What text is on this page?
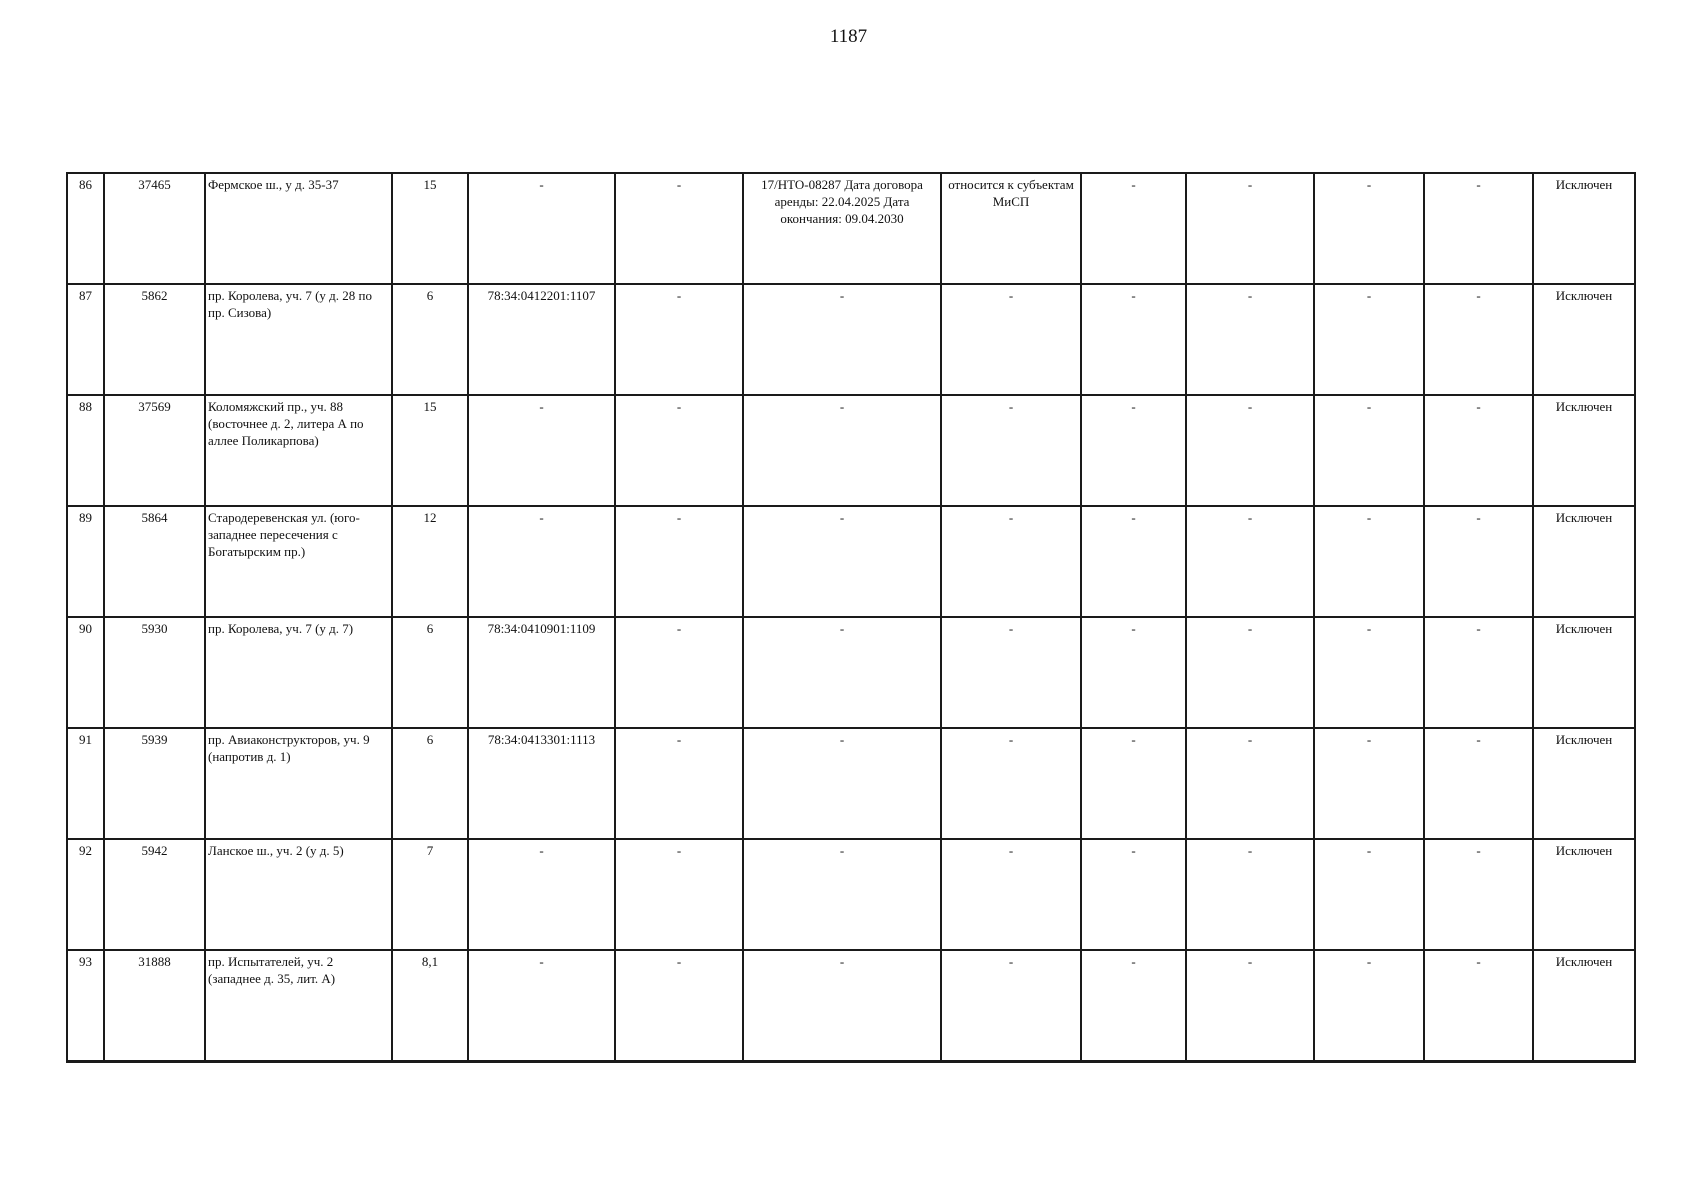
1187
86	37465	Фермское ш., у д. 35-37	15	-	-	17/НТО-08287 Дата договора аренды: 22.04.2025 Дата окончания: 09.04.2030	относится к субъектам МиСП	-	-	-	-	Исключен
87	5862	пр. Королева, уч. 7 (у д. 28 по пр. Сизова)	6	78:34:0412201:1107	-	-	-	-	-	-	-	Исключен
88	37569	Коломяжский пр., уч. 88 (восточнее д. 2, литера А по аллее Поликарпова)	15	-	-	-	-	-	-	-	-	Исключен
89	5864	Стародеревенская ул. (юго-западнее пересечения с Богатырским пр.)	12	-	-	-	-	-	-	-	-	Исключен
90	5930	пр. Королева, уч. 7 (у д. 7)	6	78:34:0410901:1109	-	-	-	-	-	-	-	Исключен
91	5939	пр. Авиаконструкторов, уч. 9 (напротив д. 1)	6	78:34:0413301:1113	-	-	-	-	-	-	-	Исключен
92	5942	Ланское ш., уч. 2 (у д. 5)	7	-	-	-	-	-	-	-	-	Исключен
93	31888	пр. Испытателей, уч. 2 (западнее д. 35, лит. А)	8,1	-	-	-	-	-	-	-	-	Исключен
